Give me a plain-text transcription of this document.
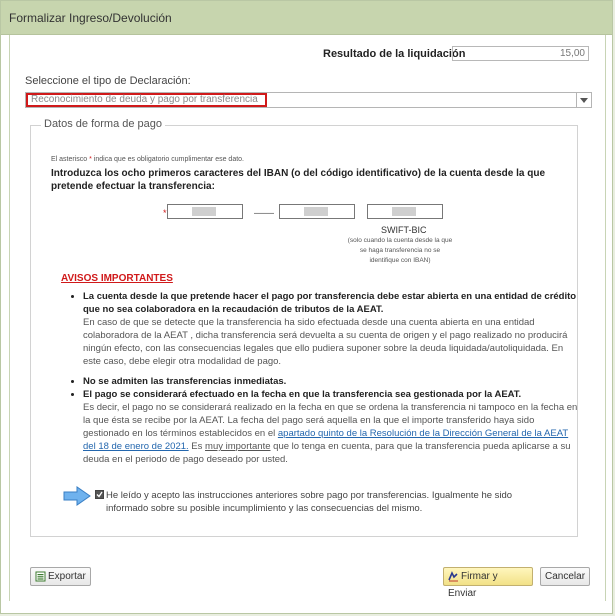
Formalizar Ingreso/Devolución
Resultado de la liquidación	15,00
Seleccione el tipo de Declaración:
Reconocimiento de deuda y pago por transferencia
Datos de forma de pago
El asterisco * indica que es obligatorio cumplimentar ese dato.
Introduzca los ocho primeros caracteres del IBAN (o del código identificativo) de la cuenta desde la que pretende efectuar la transferencia:
*	——
SWIFT-BIC
(solo cuando la cuenta desde la que se haga transferencia no se identifique con IBAN)
AVISOS IMPORTANTES
• La cuenta desde la que pretende hacer el pago por transferencia debe estar abierta en una entidad de crédito que no sea colaboradora en la recaudación de tributos de la AEAT.
En caso de que se detecte que la transferencia ha sido efectuada desde una cuenta abierta en una entidad colaboradora de la AEAT , dicha transferencia será devuelta a su cuenta de origen y el pago realizado no producirá ningún efecto, con las consecuencias legales que ello pudiera suponer sobre la deuda liquidada/autoliquidada. En este caso, debe elegir otra modalidad de pago.
• No se admiten las transferencias inmediatas.
• El pago se considerará efectuado en la fecha en que la transferencia sea gestionada por la AEAT.
Es decir, el pago no se considerará realizado en la fecha en que se ordena la transferencia ni tampoco en la fecha en la que ésta se recibe por la AEAT. La fecha del pago será aquella en la que el importe transferido haya sido gestionado en los términos establecidos en el apartado quinto de la Resolución de la Dirección General de la AEAT del 18 de enero de 2021. Es muy importante que lo tenga en cuenta, para que la transferencia pueda aplicarse a su deuda en el periodo de pago deseado por usted.
He leído y acepto las instrucciones anteriores sobre pago por transferencias. Igualmente he sido informado sobre su posible incumplimiento y las consecuencias del mismo.
Exportar	Firmar y Enviar
Cancelar
